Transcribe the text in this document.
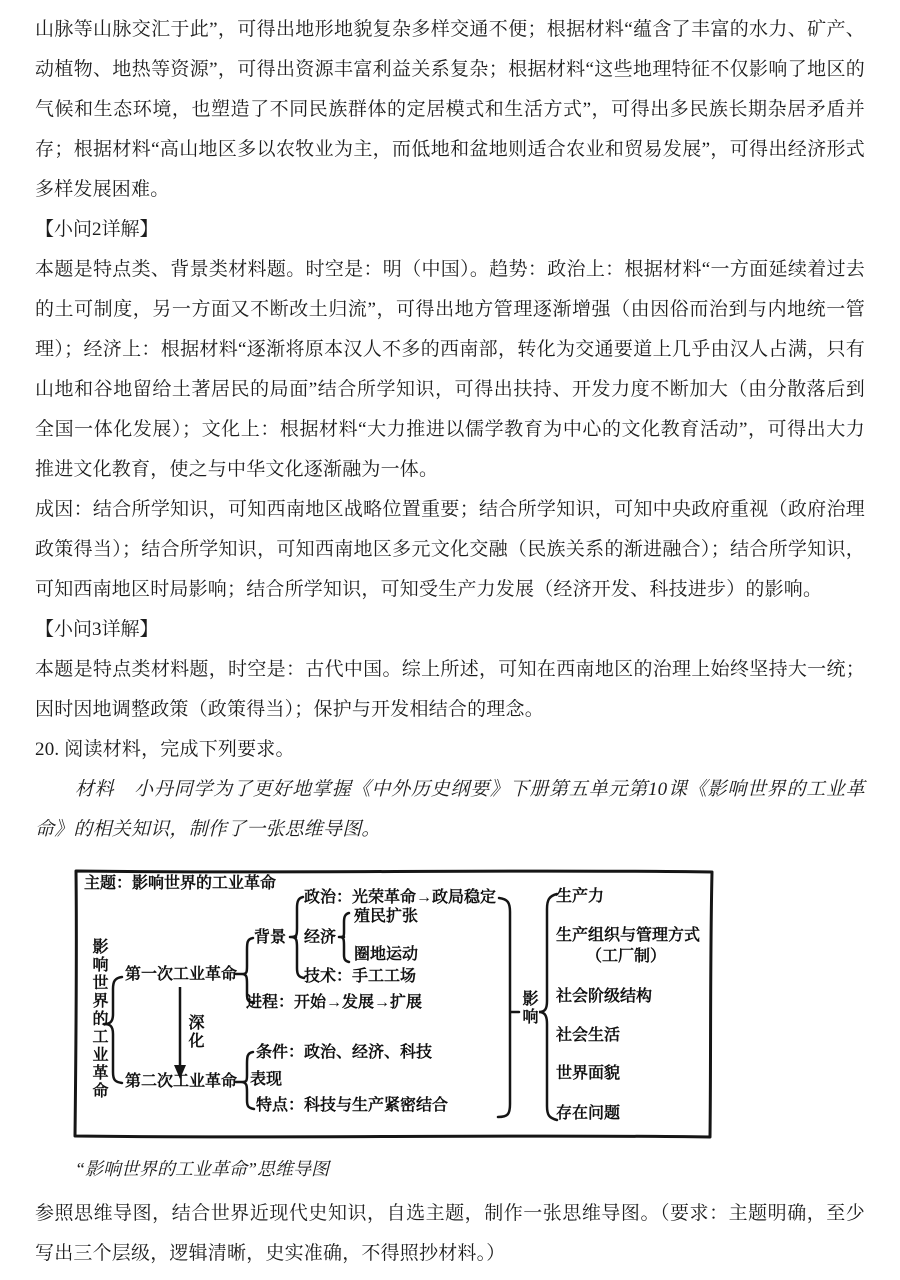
山脉等山脉交汇于此”，可得出地形地貌复杂多样交通不便；根据材料“蕴含了丰富的水力、矿产、动植物、地热等资源”，可得出资源丰富利益关系复杂；根据材料“这些地理特征不仅影响了地区的气候和生态环境，也塑造了不同民族群体的定居模式和生活方式”，可得出多民族长期杂居矛盾并存；根据材料“高山地区多以农牧业为主，而低地和盆地则适合农业和贸易发展”，可得出经济形式多样发展困难。

【小问2详解】

本题是特点类、背景类材料题。时空是：明（中国）。趋势：政治上：根据材料“一方面延续着过去的土可制度，另一方面又不断改土归流”，可得出地方管理逐渐增强（由因俗而治到与内地统一管理）；经济上：根据材料“逐渐将原本汉人不多的西南部，转化为交通要道上几乎由汉人占满，只有山地和谷地留给土著居民的局面”结合所学知识，可得出扶持、开发力度不断加大（由分散落后到全国一体化发展）；文化上：根据材料“大力推进以儒学教育为中心的文化教育活动”，可得出大力推进文化教育，使之与中华文化逐渐融为一体。

成因：结合所学知识，可知西南地区战略位置重要；结合所学知识，可知中央政府重视（政府治理政策得当）；结合所学知识，可知西南地区多元文化交融（民族关系的渐进融合）；结合所学知识，可知西南地区时局影响；结合所学知识，可知受生产力发展（经济开发、科技进步）的影响。

【小问3详解】

本题是特点类材料题，时空是：古代中国。综上所述，可知在西南地区的治理上始终坚持大一统；因时因地调整政策（政策得当）；保护与开发相结合的理念。

20. 阅读材料，完成下列要求。

材料　小丹同学为了更好地掌握《中外历史纲要》下册第五单元第10课《影响世界的工业革命》的相关知识，制作了一张思维导图。

主题：影响世界的工业革命
影响世界的工业革命 第一次工业革命
背景
政治：光荣革命→政局稳定
经济
殖民扩张
圈地运动
技术：手工工场
进程：开始→发展→扩展
深化
第二次工业革命
条件：政治、经济、科技
表现
特点：科技与生产紧密结合
影响
生产力
生产组织与管理方式
（工厂制）
社会阶级结构
社会生活
世界面貌
存在问题

“影响世界的工业革命”思维导图

参照思维导图，结合世界近现代史知识，自选主题，制作一张思维导图。（要求：主题明确，至少写出三个层级，逻辑清晰，史实准确，不得照抄材料。）
